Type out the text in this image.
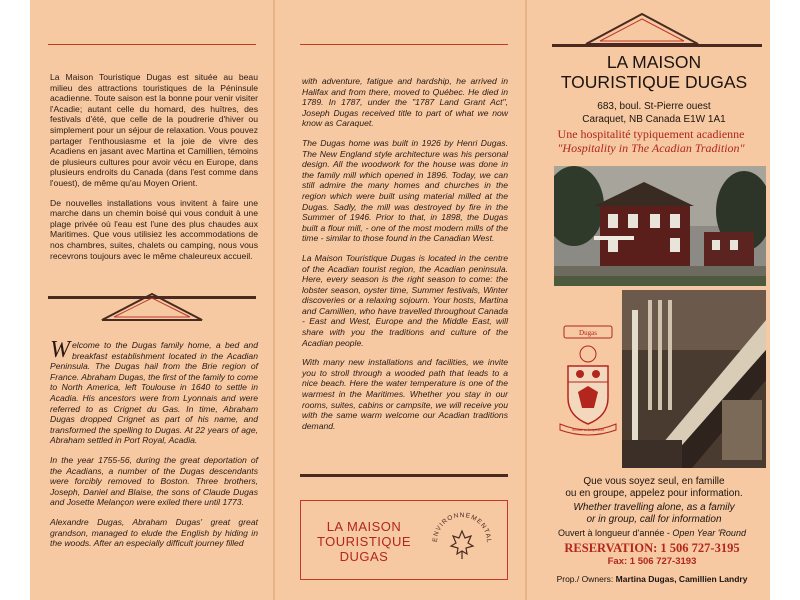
La Maison Touristique Dugas est située au beau milieu des attractions touristiques de la Péninsule acadienne. Toute saison est la bonne pour venir visiter l'Acadie; autant celle du homard, des huîtres, des festivals d'été, que celle de la poudrerie d'hiver ou simplement pour un séjour de relaxation. Vous pouvez partager l'enthousiasme et la joie de vivre des Acadiens en jasant avec Martina et Camillien, témoins de plusieurs cultures pour avoir vécu en Europe, dans plusieurs endroits du Canada (dans l'est comme dans l'ouest), de même qu'au Moyen Orient.

De nouvelles installations vous invitent à faire une marche dans un chemin boisé qui vous conduit à une plage privée où l'eau est l'une des plus chaudes aux Maritimes. Que vous utilisiez les accommodations de nos chambres, suites, chalets ou camping, nous vous recevrons toujours avec le même chaleureux accueil.

Welcome to the Dugas family home, a bed and breakfast establishment located in the Acadian Peninsula. The Dugas hail from the Brie region of France. Abraham Dugas, the first of the family to come to North America, left Toulouse in 1640 to settle in Acadia. His ancestors were from Lyonnais and were referred to as Crignet du Gas. In time, Abraham Dugas dropped Crignet as part of his name, and transformed the spelling to Dugas. At 22 years of age, Abraham settled in Port Royal, Acadia.

In the year 1755-56, during the great deportation of the Acadians, a number of the Dugas descendants were forcibly removed to Boston. Three brothers, Joseph, Daniel and Blaise, the sons of Claude Dugas and Josette Melançon were exiled there until 1773.

Alexandre Dugas, Abraham Dugas' great great grandson, managed to elude the English by hiding in the woods. After an especially difficult journey filled

with adventure, fatigue and hardship, he arrived in Halifax and from there, moved to Québec. He died in 1789. In 1787, under the "1787 Land Grant Act", Joseph Dugas received title to part of what we now know as Caraquet.

The Dugas home was built in 1926 by Henri Dugas. The New England style architecture was his personal design. All the woodwork for the house was done in the family mill which opened in 1896. Today, we can still admire the many homes and churches in the region which were built using material milled at the Dugas. Sadly, the mill was destroyed by fire in the Summer of 1946. Prior to that, in 1898, the Dugas built a flour mill, - one of the most modern mills of the time - similar to those found in the Canadian West.

La Maison Touristique Dugas is located in the centre of the Acadian tourist region, the Acadian peninsula. Here, every season is the right season to come: the lobster season, oyster time, Summer festivals, Winter discoveries or a relaxing sojourn. Your hosts, Martina and Camillien, who have travelled throughout Canada - East and West, Europe and the Middle East, will share with you the traditions and culture of the Acadian people.

With many new installations and facilities, we invite you to stroll through a wooded path that leads to a nice beach. Here the water temperature is one of the warmest in the Maritimes. Whether you stay in our rooms, suites, cabins or campsite, we will receive you with the same warm welcome our Acadian traditions demand.

LA MAISON
TOURISTIQUE
DUGAS
ENVIRONNEMENTAL
LA MAISON
TOURISTIQUE DUGAS
683, boul. St-Pierre ouest
Caraquet, NB Canada E1W 1A1
Une hospitalité typiquement acadienne
"Hospitality in The Acadian Tradition"
Dugas
Amitié et hospitalité
Que vous soyez seul, en famille
ou en groupe, appelez pour information.
Whether travelling alone, as a family
or in group, call for information
Ouvert à longueur d'année - Open Year 'Round
RESERVATION: 1 506 727-3195
Fax: 1 506 727-3193
Prop./ Owners: Martina Dugas, Camillien Landry
